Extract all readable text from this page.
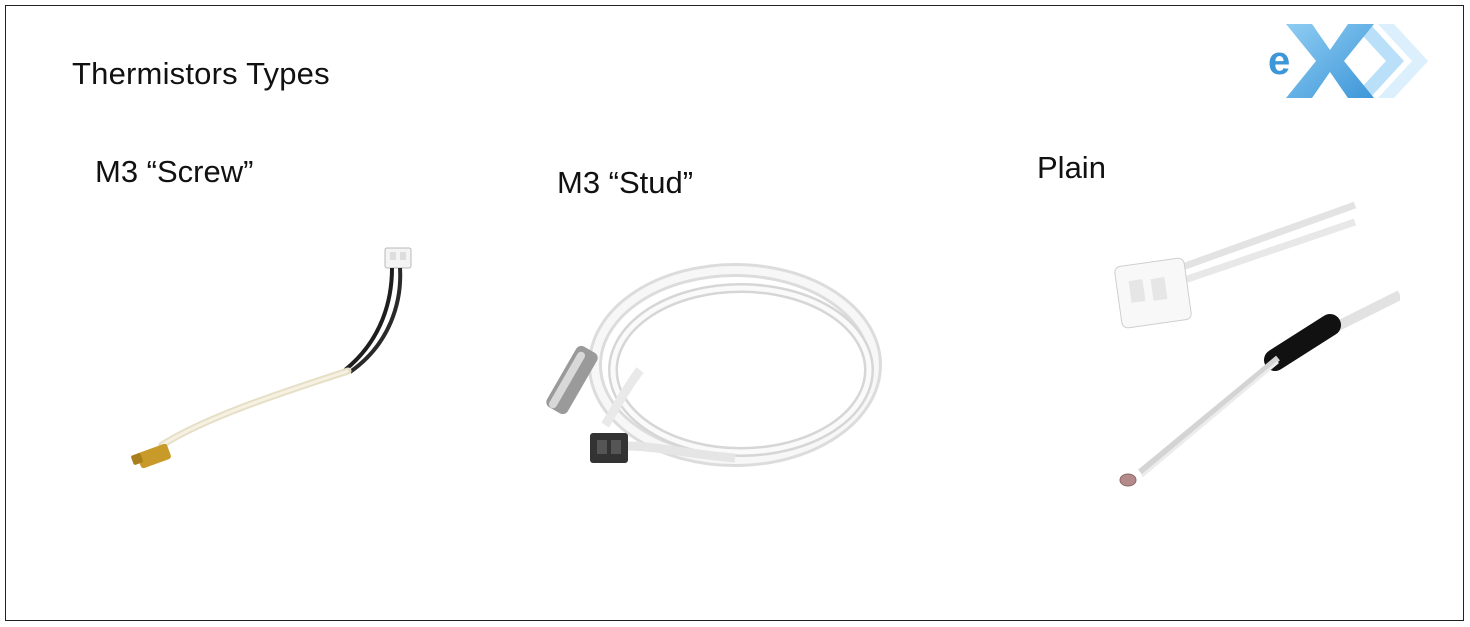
Thermistors Types	e
M3 “Screw”	M3 “Stud”	Plain
